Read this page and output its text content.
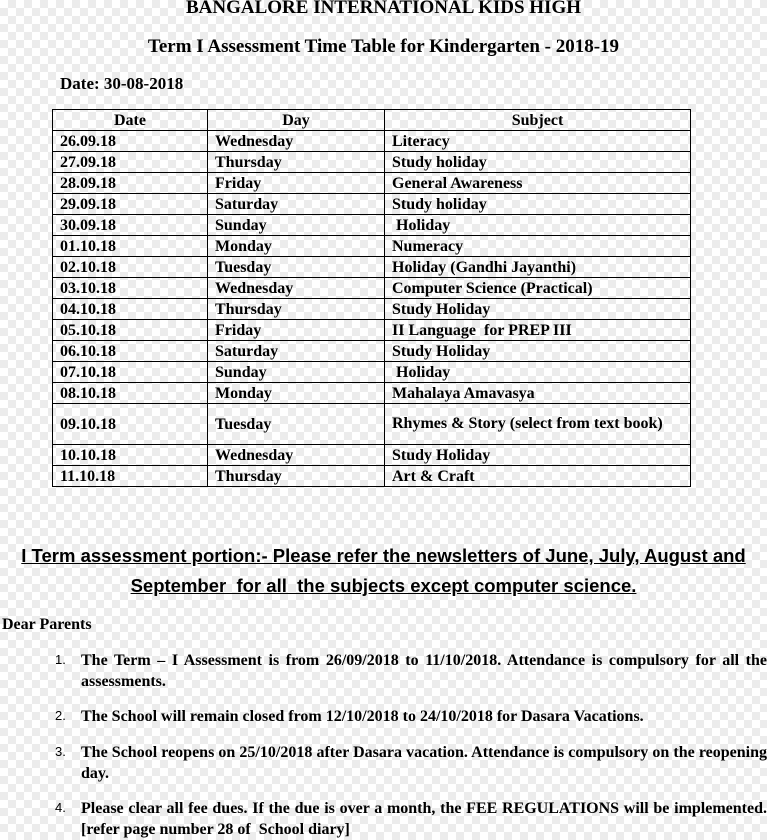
BANGALORE INTERNATIONAL KIDS HIGH
Term I Assessment Time Table for Kindergarten - 2018-19
Date: 30-08-2018
Date	Day	Subject
26.09.18	Wednesday	Literacy
27.09.18	Thursday	Study holiday
28.09.18	Friday	General Awareness
29.09.18	Saturday	Study holiday
30.09.18	Sunday	Holiday
01.10.18	Monday	Numeracy
02.10.18	Tuesday	Holiday (Gandhi Jayanthi)
03.10.18	Wednesday	Computer Science (Practical)
04.10.18	Thursday	Study Holiday
05.10.18	Friday	II Language  for PREP III
06.10.18	Saturday	Study Holiday
07.10.18	Sunday	Holiday
08.10.18	Monday	Mahalaya Amavasya
09.10.18	Tuesday	Rhymes & Story (select from text book)
10.10.18	Wednesday	Study Holiday
11.10.18	Thursday	Art & Craft
I Term assessment portion:- Please refer the newsletters of June, July, August and
September  for all  the subjects except computer science.
Dear Parents
1. The Term – I Assessment is from 26/09/2018 to 11/10/2018. Attendance is compulsory for all the assessments.
2. The School will remain closed from 12/10/2018 to 24/10/2018 for Dasara Vacations.
3. The School reopens on 25/10/2018 after Dasara vacation. Attendance is compulsory on the reopening day.
4. Please clear all fee dues. If the due is over a month, the FEE REGULATIONS will be implemented. [refer page number 28 of  School diary]
